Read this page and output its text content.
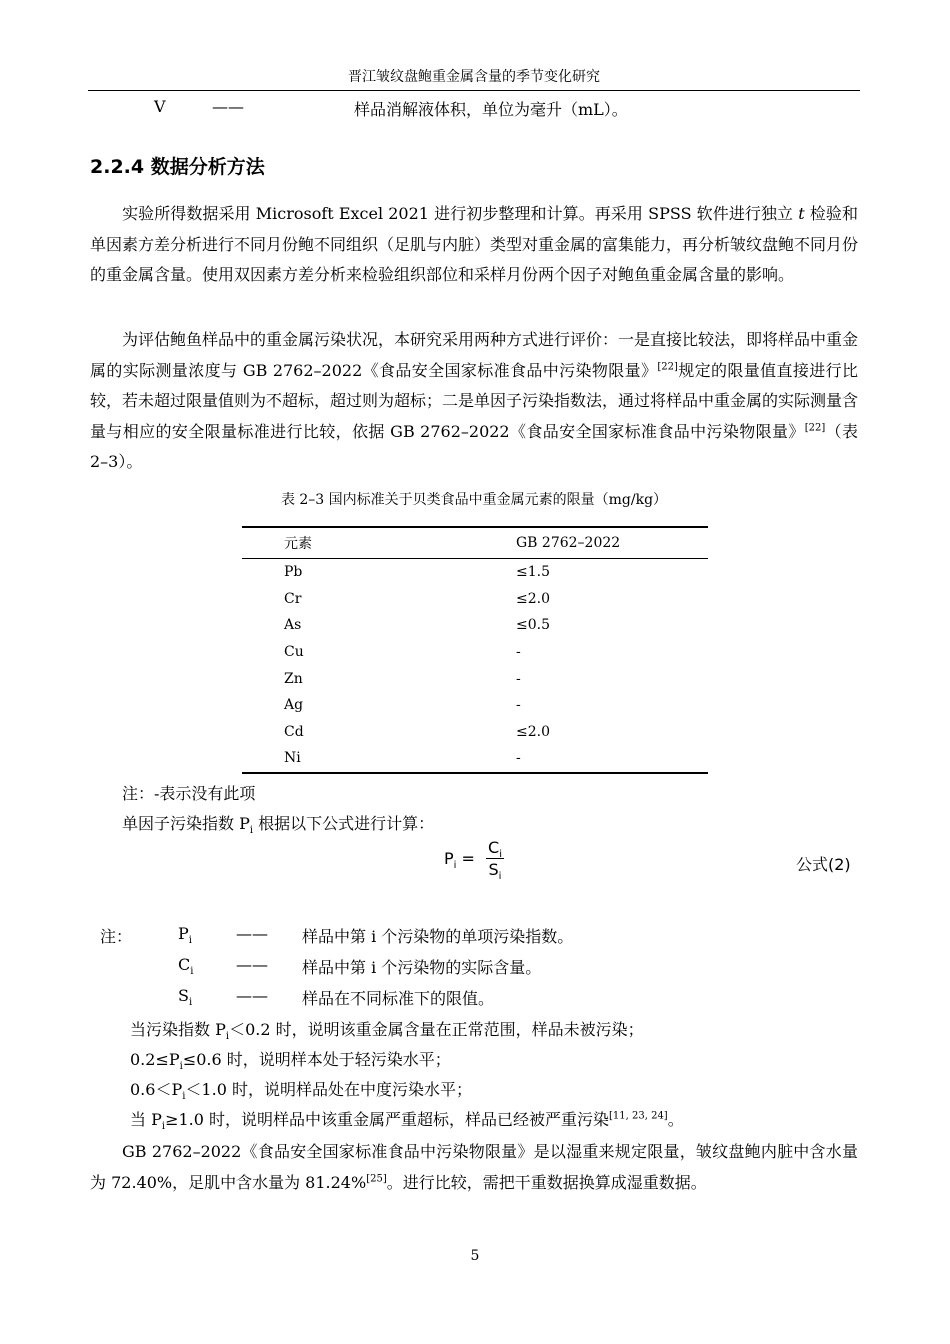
晋江皱纹盘鲍重金属含量的季节变化研究
V	——	样品消解液体积，单位为毫升（mL）。
2.2.4 数据分析方法

实验所得数据采用 Microsoft Excel 2021 进行初步整理和计算。再采用 SPSS 软件进行独立 t 检验和单因素方差分析进行不同月份鲍不同组织（足肌与内脏）类型对重金属的富集能力，再分析皱纹盘鲍不同月份的重金属含量。使用双因素方差分析来检验组织部位和采样月份两个因子对鲍鱼重金属含量的影响。

为评估鲍鱼样品中的重金属污染状况，本研究采用两种方式进行评价：一是直接比较法，即将样品中重金属的实际测量浓度与 GB 2762–2022《食品安全国家标准食品中污染物限量》[22]规定的限量值直接进行比较，若未超过限量值则为不超标，超过则为超标；二是单因子污染指数法，通过将样品中重金属的实际测量含量与相应的安全限量标准进行比较，依据 GB 2762–2022《食品安全国家标准食品中污染物限量》[22]（表 2–3）。

表 2–3 国内标准关于贝类食品中重金属元素的限量（mg/kg）
元素	GB 2762–2022
Pb	≤1.5
Cr	≤2.0
As	≤0.5
Cu	-
Zn	-
Ag	-
Cd	≤2.0
Ni	-
注：-表示没有此项
单因子污染指数 $P_i$ 根据以下公式进行计算：
$P_i = \frac{C_i}{S_i}$	公式(2)
注：	$P_i$	—— 样品中第 i 个污染物的单项污染指数。
$C_i$	—— 样品中第 i 个污染物的实际含量。
$S_i$	—— 样品在不同标准下的限值。
当污染指数 $P_i<0.2$ 时，说明该重金属含量在正常范围，样品未被污染；
$0.2\le P_i\le 0.6$ 时，说明样本处于轻污染水平；
$0.6<P_i<1.0$ 时，说明样品处在中度污染水平；
当 $P_i\ge 1.0$ 时，说明样品中该重金属严重超标，样品已经被严重污染[11, 23, 24]。

GB 2762–2022《食品安全国家标准食品中污染物限量》是以湿重来规定限量，皱纹盘鲍内脏中含水量为 72.40%，足肌中含水量为 81.24%[25]。进行比较，需把干重数据换算成湿重数据。

5
